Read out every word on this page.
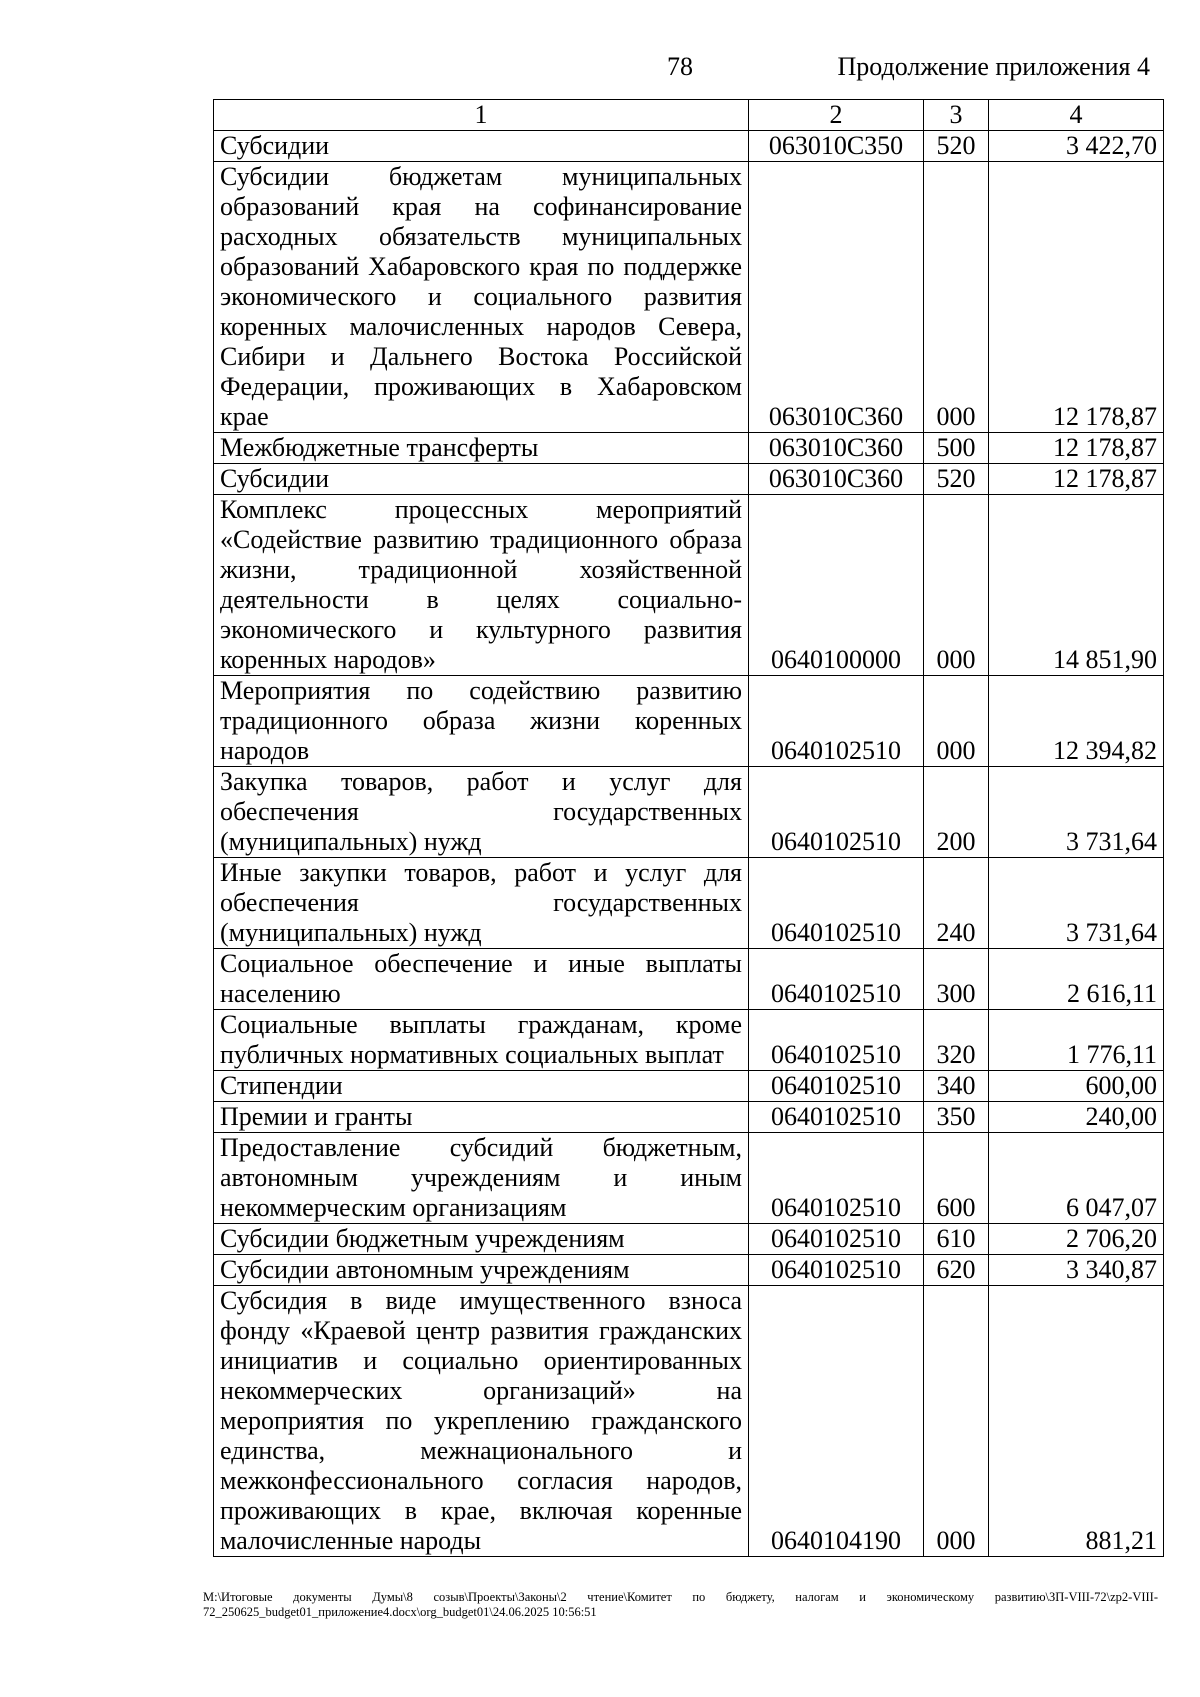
78	Продолжение приложения 4
1	2	3	4
Субсидии	063010С350	520	3 422,70
Субсидии бюджетам муниципальных образований края на софинансирование расходных обязательств муниципальных образований Хабаровского края по поддержке экономического и социального развития коренных малочисленных народов Севера, Сибири и Дальнего Востока Российской Федерации, проживающих в Хабаровском крае	063010С360	000	12 178,87
Межбюджетные трансферты	063010С360	500	12 178,87
Субсидии	063010С360	520	12 178,87
Комплекс процессных мероприятий «Содействие развитию традиционного образа жизни, традиционной хозяйственной деятельности в целях социально-экономического и культурного развития коренных народов»	0640100000	000	14 851,90
Мероприятия по содействию развитию традиционного образа жизни коренных народов	0640102510	000	12 394,82
Закупка товаров, работ и услуг для обеспечения государственных (муниципальных) нужд	0640102510	200	3 731,64
Иные закупки товаров, работ и услуг для обеспечения государственных (муниципальных) нужд	0640102510	240	3 731,64
Социальное обеспечение и иные выплаты населению	0640102510	300	2 616,11
Социальные выплаты гражданам, кроме публичных нормативных социальных выплат	0640102510	320	1 776,11
Стипендии	0640102510	340	600,00
Премии и гранты	0640102510	350	240,00
Предоставление субсидий бюджетным, автономным учреждениям и иным некоммерческим организациям	0640102510	600	6 047,07
Субсидии бюджетным учреждениям	0640102510	610	2 706,20
Субсидии автономным учреждениям	0640102510	620	3 340,87
Субсидия в виде имущественного взноса фонду «Краевой центр развития гражданских инициатив и социально ориентированных некоммерческих организаций» на мероприятия по укреплению гражданского единства, межнационального и межконфессионального согласия народов, проживающих в крае, включая коренные малочисленные народы	0640104190	000	881,21
M:\Итоговые документы Думы\8 созыв\Проекты\Законы\2 чтение\Комитет по бюджету, налогам и экономическому развитию\ЗП-VIII-72\zp2-VIII-72_250625_budget01_приложение4.docx\org_budget01\24.06.2025 10:56:51
